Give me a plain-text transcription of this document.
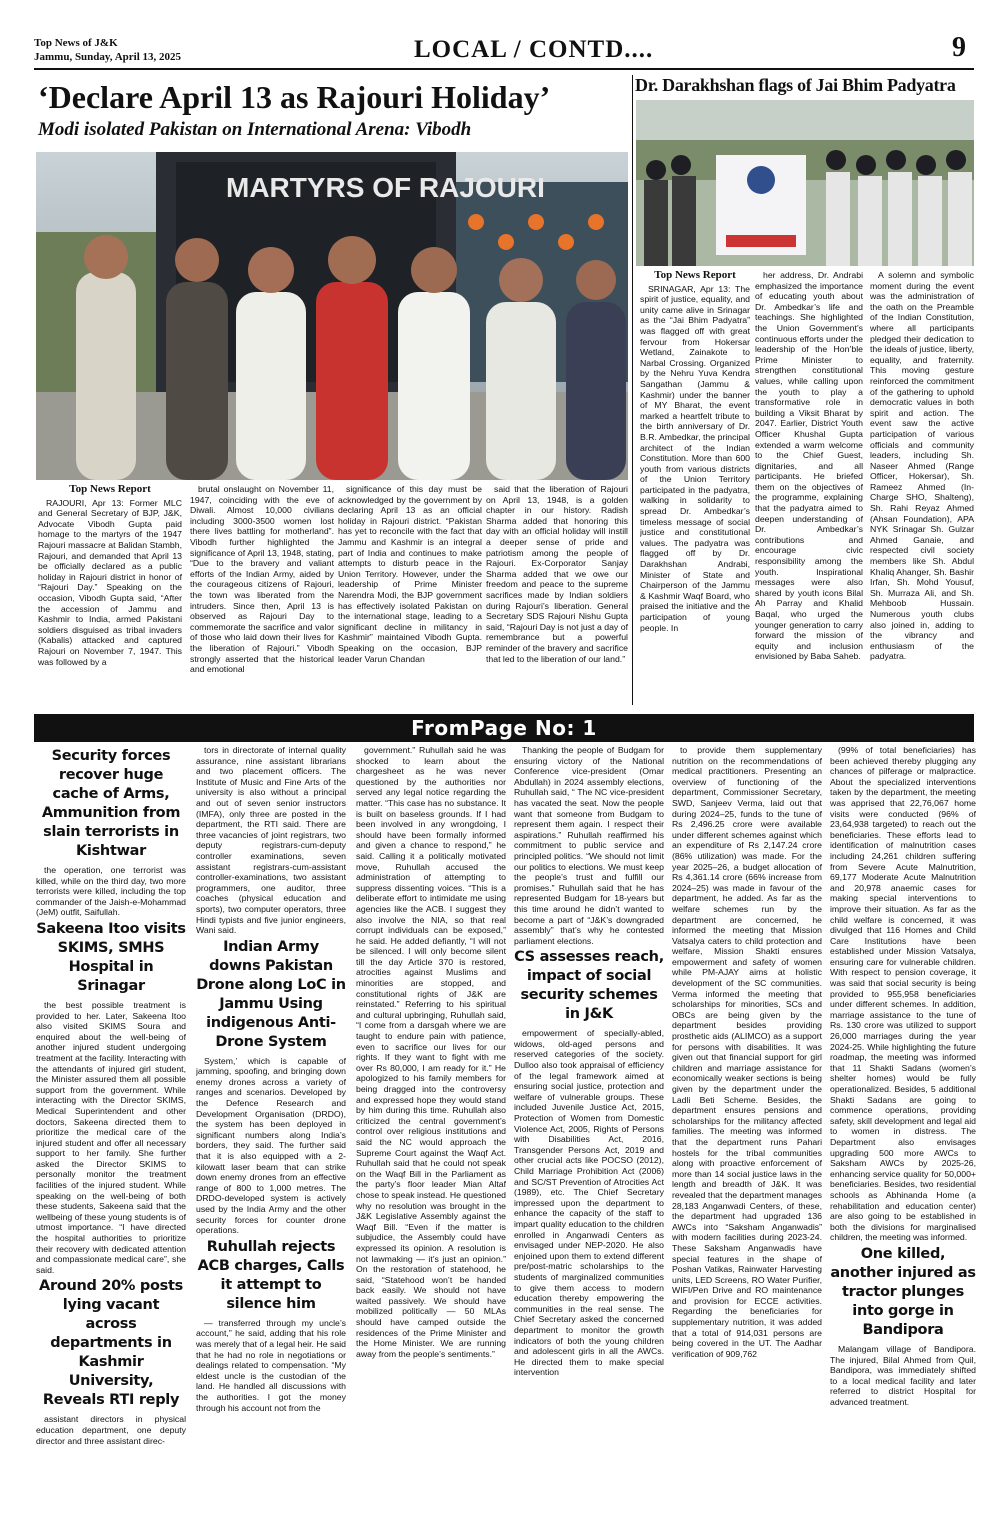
Top News of J&K
Jammu, Sunday, April 13, 2025	LOCAL / CONTD....	9
‘Declare April 13 as Rajouri Holiday’
Modi isolated Pakistan on International Arena: Vibodh
MARTYRS OF RAJOURI

Top News Report

RAJOURI, Apr 13: Former MLC and General Secretary of BJP, J&K, Advocate Vibodh Gupta paid homage to the martyrs of the 1947 Rajouri massacre at Balidan Stambh, Rajouri, and demanded that April 13 be officially declared as a public holiday in Rajouri district in honor of “Rajouri Day.” Speaking on the occasion, Vibodh Gupta said, “After the accession of Jammu and Kashmir to India, armed Pakistani soldiers disguised as tribal invaders (Kabalis) attacked and captured Rajouri on November 7, 1947. This was followed by a

brutal onslaught on November 11, 1947, coinciding with the eve of Diwali. Almost 10,000 civilians including 3000-3500 women lost there lives battling for motherland”. Vibodh further highlighted the significance of April 13, 1948, stating, “Due to the bravery and valiant efforts of the Indian Army, aided by the courageous citizens of Rajouri, the town was liberated from the intruders. Since then, April 13 is observed as Rajouri Day to commemorate the sacrifice and valor of those who laid down their lives for the liberation of Rajouri.” Vibodh strongly asserted that the historical and emotional

significance of this day must be acknowledged by the government by declaring April 13 as an official holiday in Rajouri district. “Pakistan has yet to reconcile with the fact that Jammu and Kashmir is an integral part of India and continues to make attempts to disturb peace in the Union Territory. However, under the leadership of Prime Minister Narendra Modi, the BJP government has effectively isolated Pakistan on the international stage, leading to a significant decline in militancy in Kashmir” maintained Vibodh Gupta. Speaking on the occasion, BJP leader Varun Chandan

said that the liberation of Rajouri on April 13, 1948, is a golden chapter in our history. Radish Sharma added that honoring this day with an official holiday will instill a deeper sense of pride and patriotism among the people of Rajouri. Ex-Corporator Sanjay Sharma added that we owe our freedom and peace to the supreme sacrifices made by Indian soldiers during Rajouri’s liberation. General Secretary SDS Rajouri Nishu Gupta said, “Rajouri Day is not just a day of remembrance but a powerful reminder of the bravery and sacrifice that led to the liberation of our land.”

Dr. Darakhshan flags of Jai Bhim Padyatra

Top News Report

SRINAGAR, Apr 13: The spirit of justice, equality, and unity came alive in Srinagar as the “Jai Bhim Padyatra” was flagged off with great fervour from Hokersar Wetland, Zainakote to Narbal Crossing. Organized by the Nehru Yuva Kendra Sangathan (Jammu & Kashmir) under the banner of MY Bharat, the event marked a heartfelt tribute to the birth anniversary of Dr. B.R. Ambedkar, the principal architect of the Indian Constitution. More than 600 youth from various districts of the Union Territory participated in the padyatra, walking in solidarity to spread Dr. Ambedkar’s timeless message of social justice and constitutional values. The padyatra was flagged off by Dr. Darakhshan Andrabi, Minister of State and Chairperson of the Jammu & Kashmir Waqf Board, who praised the initiative and the participation of young people. In

her address, Dr. Andrabi emphasized the importance of educating youth about Dr. Ambedkar’s life and teachings. She highlighted the Union Government’s continuous efforts under the leadership of the Hon’ble Prime Minister to strengthen constitutional values, while calling upon the youth to play a transformative role in building a Viksit Bharat by 2047. Earlier, District Youth Officer Khushal Gupta extended a warm welcome to the Chief Guest, dignitaries, and all participants. He briefed them on the objectives of the programme, explaining that the padyatra aimed to deepen understanding of Dr. Ambedkar’s contributions and encourage civic responsibility among the youth. Inspirational messages were also shared by youth icons Bilal Ah Parray and Khalid Baqal, who urged the younger generation to carry forward the mission of equity and inclusion envisioned by Baba Saheb.

A solemn and symbolic moment during the event was the administration of the oath on the Preamble of the Indian Constitution, where all participants pledged their dedication to the ideals of justice, liberty, equality, and fraternity. This moving gesture reinforced the commitment of the gathering to uphold democratic values in both spirit and action. The event saw the active participation of various officials and community leaders, including Sh. Naseer Ahmed (Range Officer, Hokersar), Sh. Rameez Ahmed (In-Charge SHO, Shalteng), Sh. Rahi Reyaz Ahmed (Ahsan Foundation), APA NYK Srinagar Sh. Gulzar Ahmed Ganaie, and respected civil society members like Sh. Abdul Khaliq Ahanger, Sh. Bashir Irfan, Sh. Mohd Yousuf, Sh. Murraza Ali, and Sh. Mehboob Hussain. Numerous youth clubs also joined in, adding to the vibrancy and enthusiasm of the padyatra.

FromPage No: 1
Security forces recover huge cache of Arms, Ammunition from slain terrorists in Kishtwar

the operation, one terrorist was killed, while on the third day, two more terrorists were killed, including the top commander of the Jaish-e-Mohammad (JeM) outfit, Saifullah.

Sakeena Itoo visits SKIMS, SMHS Hospital in Srinagar

the best possible treatment is provided to her. Later, Sakeena Itoo also visited SKIMS Soura and enquired about the well-being of another injured student undergoing treatment at the facility. Interacting with the attendants of injured girl student, the Minister assured them all possible support from the government. While interacting with the Director SKIMS, Medical Superintendent and other doctors, Sakeena directed them to prioritize the medical care of the injured student and offer all necessary support to her family. She further asked the Director SKIMS to personally monitor the treatment facilities of the injured student. While speaking on the well-being of both these students, Sakeena said that the wellbeing of these young students is of utmost importance. “I have directed the hospital authorities to prioritize their recovery with dedicated attention and compassionate medical care”, she said.

Around 20% posts lying vacant across departments in Kashmir University, Reveals RTI reply

assistant directors in physical education department, one deputy director and three assistant direc-

tors in directorate of internal quality assurance, nine assistant librarians and two placement officers. The Institute of Music and Fine Arts of the university is also without a principal and out of seven senior instructors (IMFA), only three are posted in the department, the RTI said. There are three vacancies of joint registrars, two deputy registrars-cum-deputy controller examinations, seven assistant registrars-cum-assistant controller-examinations, two assistant programmers, one auditor, three coaches (physical education and sports), two computer operators, three Hindi typists and five junior engineers, Wani said.

Indian Army downs Pakistan Drone along LoC in Jammu Using indigenous Anti-Drone System

System,’ which is capable of jamming, spoofing, and bringing down enemy drones across a variety of ranges and scenarios. Developed by the Defence Research and Development Organisation (DRDO), the system has been deployed in significant numbers along India’s borders, they said. The further said that it is also equipped with a 2-kilowatt laser beam that can strike down enemy drones from an effective range of 800 to 1,000 metres. The DRDO-developed system is actively used by the India Army and the other security forces for counter drone operations.

Ruhullah rejects ACB charges, Calls it attempt to silence him

— transferred through my uncle’s account,” he said, adding that his role was merely that of a legal heir. He said that he had no role in negotiations or dealings related to compensation. “My eldest uncle is the custodian of the land. He handled all discussions with the authorities. I got the money through his account not from the

government.” Ruhullah said he was shocked to learn about the chargesheet as he was never questioned by the authorities nor served any legal notice regarding the matter. “This case has no substance. It is built on baseless grounds. If I had been involved in any wrongdoing, I should have been formally informed and given a chance to respond,” he said. Calling it a politically motivated move, Ruhullah accused the administration of attempting to suppress dissenting voices. “This is a deliberate effort to intimidate me using agencies like the ACB. I suggest they also involve the NIA, so that real corrupt individuals can be exposed,” he said. He added defiantly, “I will not be silenced. I will only become silent till the day Article 370 is restored, atrocities against Muslims and minorities are stopped, and constitutional rights of J&K are reinstated.” Referring to his spiritual and cultural upbringing, Ruhullah said, “I come from a darsgah where we are taught to endure pain with patience, even to sacrifice our lives for our rights. If they want to fight with me over Rs 80,000, I am ready for it.” He apologized to his family members for being dragged into the controversy and expressed hope they would stand by him during this time. Ruhullah also criticized the central government’s control over religious institutions and said the NC would approach the Supreme Court against the Waqf Act. Ruhullah said that he could not speak on the Waqf Bill in the Parliament as the party’s floor leader Mian Altaf chose to speak instead. He questioned why no resolution was brought in the J&K Legislative Assembly against the Waqf Bill. “Even if the matter is subjudice, the Assembly could have expressed its opinion. A resolution is not lawmaking — it’s just an opinion.” On the restoration of statehood, he said, “Statehood won’t be handed back easily. We should not have waited passively. We should have mobilized politically — 50 MLAs should have camped outside the residences of the Prime Minister and the Home Minister. We are running away from the people’s sentiments.”

Thanking the people of Budgam for ensuring victory of the National Conference vice-president (Omar Abdullah) in 2024 assembly elections, Ruhullah said, “ The NC vice-president has vacated the seat. Now the people want that someone from Budgam to represent them again. I respect their aspirations.” Ruhullah reaffirmed his commitment to public service and principled politics. “We should not limit our politics to elections. We must keep the people’s trust and fulfill our promises.” Ruhullah said that he has represented Budgam for 18-years but this time around he didn’t wanted to become a part of “J&K’s downgraded assembly” that’s why he contested parliament elections.

CS assesses reach, impact of social security schemes in J&K

empowerment of specially-abled, widows, old-aged persons and reserved categories of the society. Dulloo also took appraisal of efficiency of the legal framework aimed at ensuring social justice, protection and welfare of vulnerable groups. These included Juvenile Justice Act, 2015, Protection of Women from Domestic Violence Act, 2005, Rights of Persons with Disabilities Act, 2016, Transgender Persons Act, 2019 and other crucial acts like POCSO (2012), Child Marriage Prohibition Act (2006) and SC/ST Prevention of Atrocities Act (1989), etc. The Chief Secretary impressed upon the department to enhance the capacity of the staff to impart quality education to the children enrolled in Anganwadi Centers as envisaged under NEP-2020. He also enjoined upon them to extend different pre/post-matric scholarships to the students of marginalized communities to give them access to modern education thereby empowering the communities in the real sense. The Chief Secretary asked the concerned department to monitor the growth indicators of both the young children and adolescent girls in all the AWCs. He directed them to make special intervention

to provide them supplementary nutrition on the recommendations of medical practitioners. Presenting an overview of functioning of the department, Commissioner Secretary, SWD, Sanjeev Verma, laid out that during 2024–25, funds to the tune of Rs 2,496.25 crore were available under different schemes against which an expenditure of Rs 2,147.24 crore (86% utilization) was made. For the year 2025–26, a budget allocation of Rs 4,361.14 crore (66% increase from 2024–25) was made in favour of the department, he added. As far as the welfare schemes run by the department are concerned, he informed the meeting that Mission Vatsalya caters to child protection and welfare, Mission Shakti ensures empowerment and safety of women while PM-AJAY aims at holistic development of the SC communities. Verma informed the meeting that scholarships for minorities, SCs and OBCs are being given by the department besides providing prosthetic aids (ALIMCO) as a support for persons with disabilities. It was given out that financial support for girl children and marriage assistance for economically weaker sections is being given by the department under the Ladli Beti Scheme. Besides, the department ensures pensions and scholarships for the militancy affected families. The meeting was informed that the department runs Pahari hostels for the tribal communities along with proactive enforcement of more than 14 social justice laws in the length and breadth of J&K. It was revealed that the department manages 28,183 Anganwadi Centers, of these, the department had upgraded 136 AWCs into “Saksham Anganwadis” with modern facilities during 2023-24. These Saksham Anganwadis have special features in the shape of Poshan Vatikas, Rainwater Harvesting units, LED Screens, RO Water Purifier, WIFI/Pen Drive and RO maintenance and provision for ECCE activities. Regarding the beneficiaries for supplementary nutrition, it was added that a total of 914,031 persons are being covered in the UT. The Aadhar verification of 909,762

(99% of total beneficiaries) has been achieved thereby plugging any chances of pilferage or malpractice. About the specialized interventions taken by the department, the meeting was apprised that 22,76,067 home visits were conducted (96% of 23,64,938 targeted) to reach out the beneficiaries. These efforts lead to identification of malnutrition cases including 24,261 children suffering from Severe Acute Malnutrition, 69,177 Moderate Acute Malnutrition and 20,978 anaemic cases for making special interventions to improve their situation. As far as the child welfare is concerned, it was divulged that 116 Homes and Child Care Institutions have been established under Mission Vatsalya, ensuring care for vulnerable children. With respect to pension coverage, it was said that social security is being provided to 955,958 beneficiaries under different schemes. In addition, marriage assistance to the tune of Rs. 130 crore was utilized to support 26,000 marriages during the year 2024-25. While highlighting the future roadmap, the meeting was informed that 11 Shakti Sadans (women’s shelter homes) would be fully operationalized. Besides, 5 additional Shakti Sadans are going to commence operations, providing safety, skill development and legal aid to women in distress. The Department also envisages upgrading 500 more AWCs to Saksham AWCs by 2025-26, enhancing service quality for 50,000+ beneficiaries. Besides, two residential schools as Abhinanda Home (a rehabilitation and education center) are also going to be established in both the divisions for marginalised children, the meeting was informed.

One killed, another injured as tractor plunges into gorge in Bandipora

Malangam village of Bandipora. The injured, Bilal Ahmed from Quil, Bandipora, was immediately shifted to a local medical facility and later referred to district Hospital for advanced treatment.
